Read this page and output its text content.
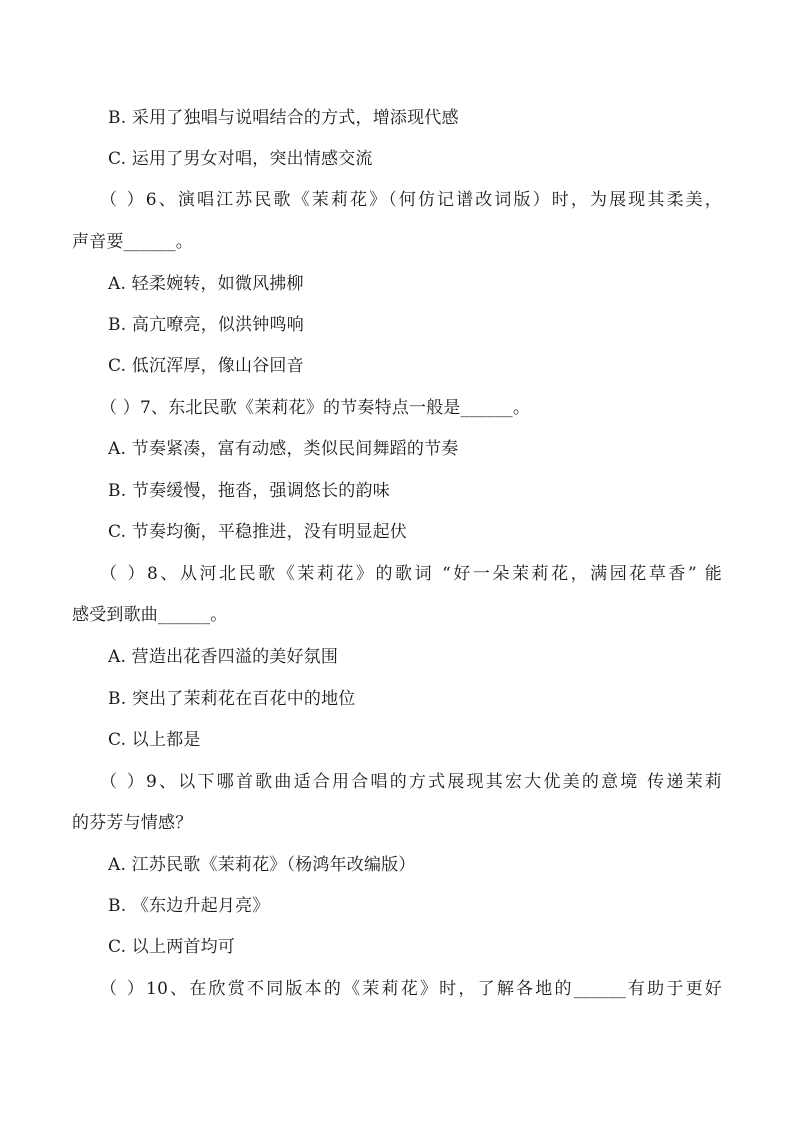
B. 采用了独唱与说唱结合的方式，增添现代感
C. 运用了男女对唱，突出情感交流
（ ）6、演唱江苏民歌《茉莉花》（何仿记谱改词版）时，为展现其柔美，
声音要______。
A. 轻柔婉转，如微风拂柳
B. 高亢嘹亮，似洪钟鸣响
C. 低沉浑厚，像山谷回音
（ ）7、东北民歌《茉莉花》的节奏特点一般是______。
A. 节奏紧凑，富有动感，类似民间舞蹈的节奏
B. 节奏缓慢，拖沓，强调悠长的韵味
C. 节奏均衡，平稳推进，没有明显起伏
（ ）8、从河北民歌《茉莉花》的歌词 “好一朵茉莉花，满园花草香” 能
感受到歌曲______。
A. 营造出花香四溢的美好氛围
B. 突出了茉莉花在百花中的地位
C. 以上都是
（ ）9、以下哪首歌曲适合用合唱的方式展现其宏大优美的意境 传递茉莉
的芬芳与情感？
A. 江苏民歌《茉莉花》（杨鸿年改编版）
B. 《东边升起月亮》
C. 以上两首均可
（ ）10、在欣赏不同版本的《茉莉花》时，了解各地的______有助于更好
